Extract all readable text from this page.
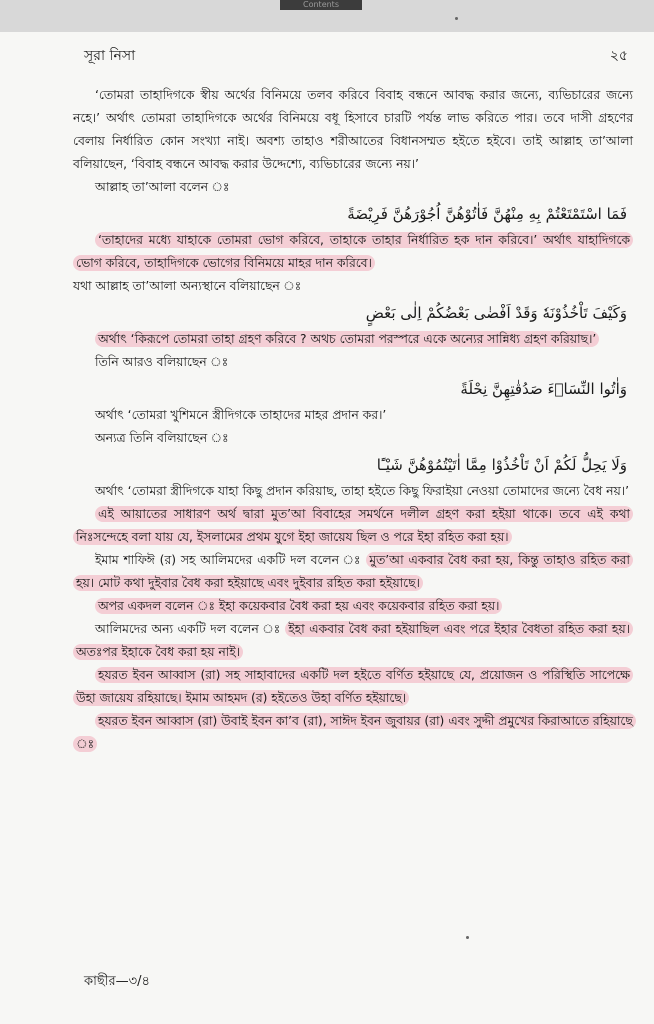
Contents
সূরা নিসা	২৫

‘তোমরা তাহাদিগকে স্বীয় অর্থের বিনিময়ে তলব করিবে বিবাহ বন্ধনে আবদ্ধ করার জন্যে, ব্যভিচারের জন্যে নহে।’ অর্থাৎ তোমরা তাহাদিগকে অর্থের বিনিময়ে বধূ হিসাবে চারটি পর্যন্ত লাভ করিতে পার। তবে দাসী গ্রহণের বেলায় নির্ধারিত কোন সংখ্যা নাই। অবশ্য তাহাও শরীআতের বিধানসম্মত হইতে হইবে। তাই আল্লাহ তা’আলা বলিয়াছেন, ‘বিবাহ বন্ধনে আবদ্ধ করার উদ্দেশ্যে, ব্যভিচারের জন্যে নয়।’

আল্লাহ তা’আলা বলেন ঃ

فَمَا اسْتَمْتَعْتُمْ بِهِ مِنْهُنَّ فَاٰتُوْهُنَّ اُجُوْرَهُنَّ فَرِيْضَةً

‘তাহাদের মধ্যে যাহাকে তোমরা ভোগ করিবে, তাহাকে তাহার নির্ধারিত হক দান করিবে।’ অর্থাৎ যাহাদিগকে ভোগ করিবে, তাহাদিগকে ভোগের বিনিময়ে মাহর দান করিবে।

যথা আল্লাহ তা’আলা অন্যস্থানে বলিয়াছেন ঃ

وَكَيْفَ تَاْخُذُوْنَهٗ وَقَدْ اَفْضٰى بَعْضُكُمْ اِلٰى بَعْضٍ

অর্থাৎ ‘কিরূপে তোমরা তাহা গ্রহণ করিবে ? অথচ তোমরা পরস্পরে একে অন্যের সান্নিধ্য গ্রহণ করিয়াছ।’

তিনি আরও বলিয়াছেন ঃ

وَاٰتُوا النِّسَاۤءَ صَدُقٰتِهِنَّ نِحْلَةً

অর্থাৎ ‘তোমরা খুশিমনে স্ত্রীদিগকে তাহাদের মাহর প্রদান কর।’

অন্যত্র তিনি বলিয়াছেন ঃ

وَلَا يَحِلُّ لَكُمْ اَنْ تَاْخُذُوْا مِمَّا اٰتَيْتُمُوْهُنَّ شَيْـًٔا

অর্থাৎ ‘তোমরা স্ত্রীদিগকে যাহা কিছু প্রদান করিয়াছ, তাহা হইতে কিছু ফিরাইয়া নেওয়া তোমাদের জন্যে বৈধ নয়।’

এই আয়াতের সাধারণ অর্থ দ্বারা মুত’আ বিবাহের সমর্থনে দলীল গ্রহণ করা হইয়া থাকে। তবে এই কথা নিঃসন্দেহে বলা যায় যে, ইসলামের প্রথম যুগে ইহা জায়েয ছিল ও পরে ইহা রহিত করা হয়।

ইমাম শাফিঈ (র) সহ আলিমদের একটি দল বলেন ঃ মুত’আ একবার বৈধ করা হয়, কিন্তু তাহাও রহিত করা হয়। মোট কথা দুইবার বৈধ করা হইয়াছে এবং দুইবার রহিত করা হইয়াছে।

অপর একদল বলেন ঃ ইহা কয়েকবার বৈধ করা হয় এবং কয়েকবার রহিত করা হয়।

আলিমদের অন্য একটি দল বলেন ঃ ইহা একবার বৈধ করা হইয়াছিল এবং পরে ইহার বৈধতা রহিত করা হয়। অতঃপর ইহাকে বৈধ করা হয় নাই।

হযরত ইবন আব্বাস (রা) সহ সাহাবাদের একটি দল হইতে বর্ণিত হইয়াছে যে, প্রয়োজন ও পরিস্থিতি সাপেক্ষে উহা জায়েয রহিয়াছে। ইমাম আহমদ (র) হইতেও উহা বর্ণিত হইয়াছে।

হযরত ইবন আব্বাস (রা) উবাই ইবন কা’ব (রা), সাঈদ ইবন জুবায়র (রা) এবং সুদ্দী প্রমুখের কিরাআতে রহিয়াছে ঃ

কাছীর—৩/৪
